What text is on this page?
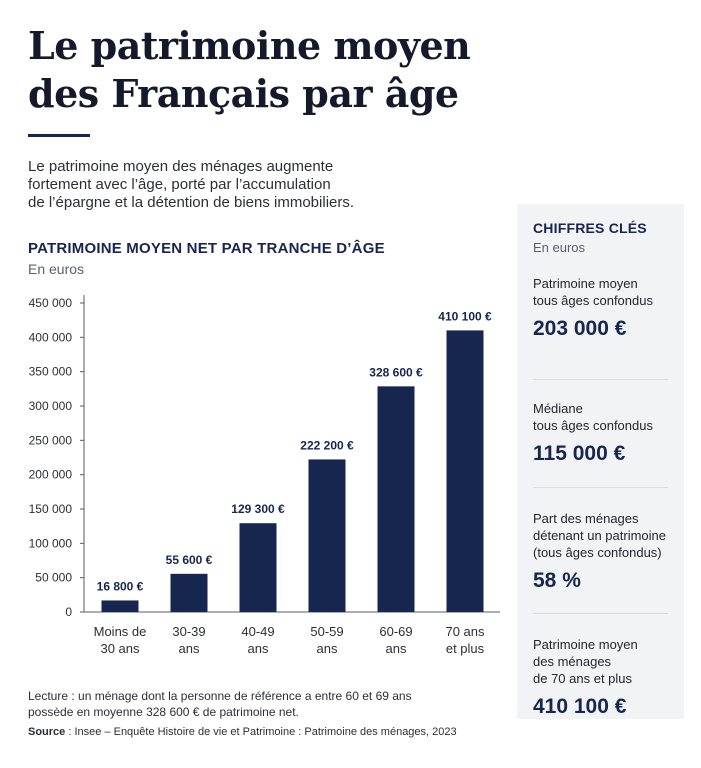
Le patrimoine moyen
des Français par âge
Le patrimoine moyen des ménages augmente
fortement avec l’âge, porté par l’accumulation
de l’épargne et la détention de biens immobiliers.
PATRIMOINE MOYEN NET PAR TRANCHE D’ÂGE
En euros
0
50 000
100 000
150 000
200 000
250 000
300 000
350 000
400 000
450 000
16 800 €
Moins de
30 ans
55 600 €
30-39
ans
129 300 €
40-49
ans
222 200 €
50-59
ans
328 600 €
60-69
ans
410 100 €
70 ans
et plus
Lecture : un ménage dont la personne de référence a entre 60 et 69 ans
possède en moyenne 328 600 € de patrimoine net.
Source : Insee – Enquête Histoire de vie et Patrimoine : Patrimoine des ménages, 2023
CHIFFRES CLÉS
En euros
Patrimoine moyen
tous âges confondus
203 000 €
Médiane
tous âges confondus
115 000 €
Part des ménages
détenant un patrimoine
(tous âges confondus)
58 %
Patrimoine moyen
des ménages
de 70 ans et plus
410 100 €
